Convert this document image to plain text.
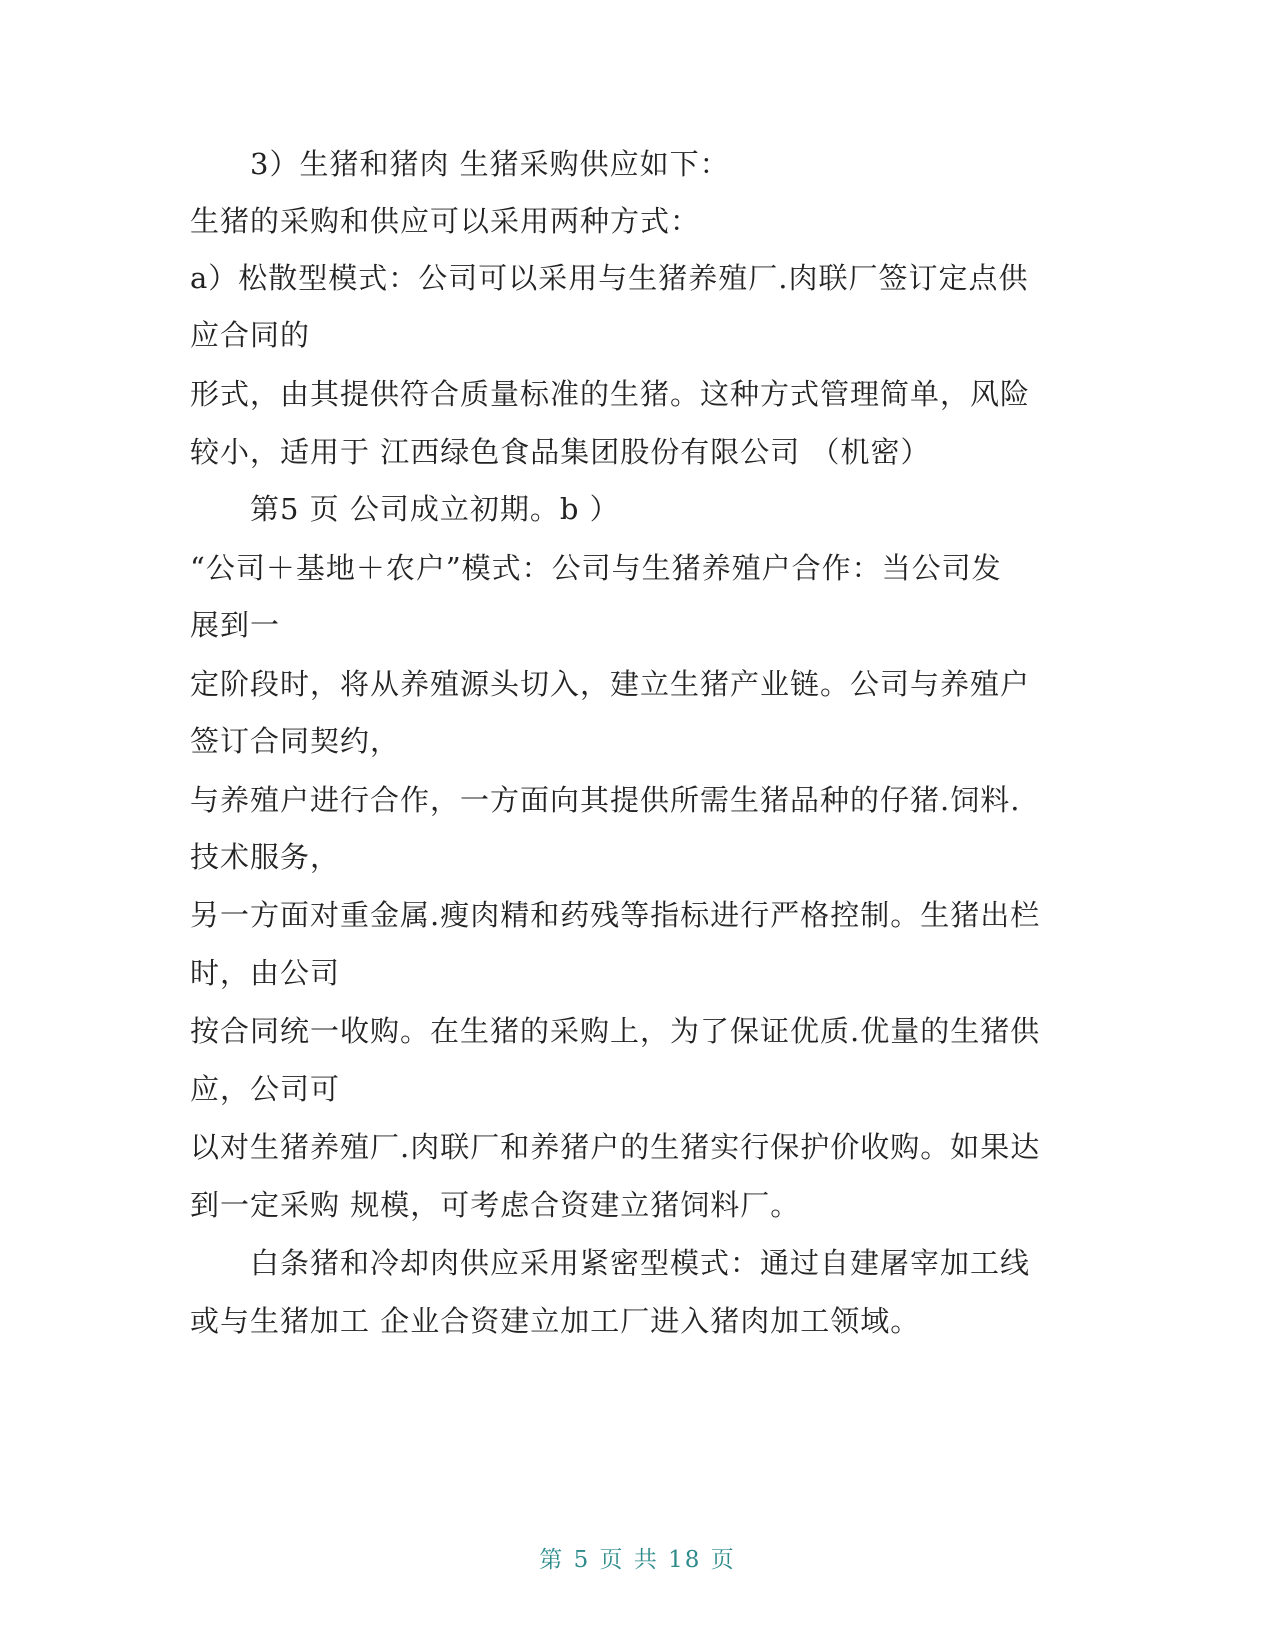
3）生猪和猪肉 生猪采购供应如下：
生猪的采购和供应可以采用两种方式：
a）松散型模式：公司可以采用与生猪养殖厂.肉联厂签订定点供
应合同的
形式，由其提供符合质量标准的生猪。这种方式管理简单，风险
较小，适用于 江西绿色食品集团股份有限公司 （机密）
第5 页 公司成立初期。b ）
“公司＋基地＋农户”模式：公司与生猪养殖户合作：当公司发
展到一
定阶段时，将从养殖源头切入，建立生猪产业链。公司与养殖户
签订合同契约，
与养殖户进行合作，一方面向其提供所需生猪品种的仔猪.饲料.
技术服务，
另一方面对重金属.瘦肉精和药残等指标进行严格控制。生猪出栏
时，由公司
按合同统一收购。在生猪的采购上，为了保证优质.优量的生猪供
应，公司可
以对生猪养殖厂.肉联厂和养猪户的生猪实行保护价收购。如果达
到一定采购 规模，可考虑合资建立猪饲料厂。
白条猪和冷却肉供应采用紧密型模式：通过自建屠宰加工线
或与生猪加工 企业合资建立加工厂进入猪肉加工领域。
第 5 页 共 18 页
